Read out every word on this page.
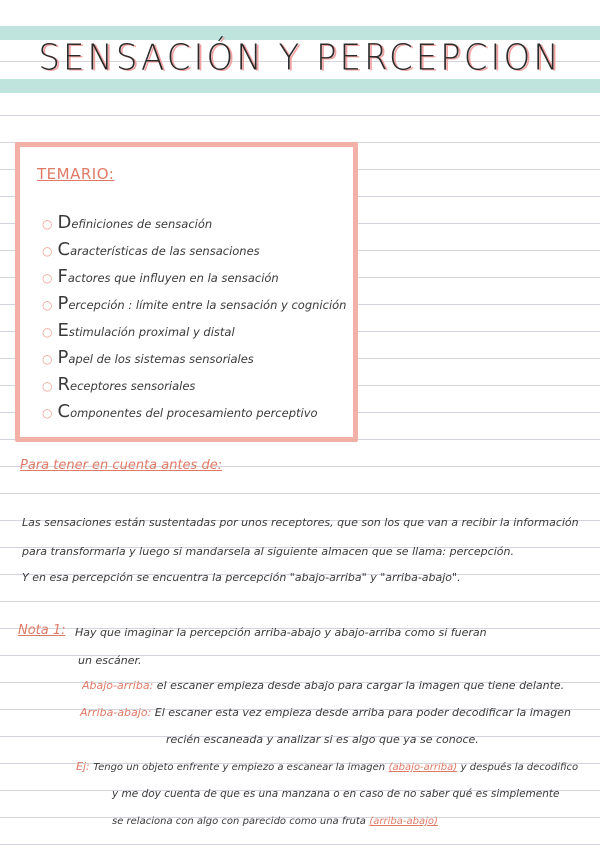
SENSACIÓN Y PERCEPCION
TEMARIO:
○ Definiciones de sensación
○ Características de las sensaciones
○ Factores que influyen en la sensación
○ Percepción : límite entre la sensación y cognición
○ Estimulación proximal y distal
○ Papel de los sistemas sensoriales
○ Receptores sensoriales
○ Componentes del procesamiento perceptivo
Para tener en cuenta antes de:
Las sensaciones están sustentadas por unos receptores, que son los que van a recibir la información
para transformarla y luego si mandarsela al siguiente almacen que se llama: percepción.
Y en esa percepción se encuentra la percepción "abajo-arriba" y "arriba-abajo".
Nota 1: Hay que imaginar la percepción arriba-abajo y abajo-arriba como si fueran
un escáner.
Abajo-arriba: el escaner empieza desde abajo para cargar la imagen que tiene delante.
Arriba-abajo: El escaner esta vez empieza desde arriba para poder decodificar la imagen
recién escaneada y analizar si es algo que ya se conoce.
Ej: Tengo un objeto enfrente y empiezo a escanear la imagen (abajo-arriba) y después la decodifico
y me doy cuenta de que es una manzana o en caso de no saber qué es simplemente
se relaciona con algo con parecido como una fruta (arriba-abajo)
